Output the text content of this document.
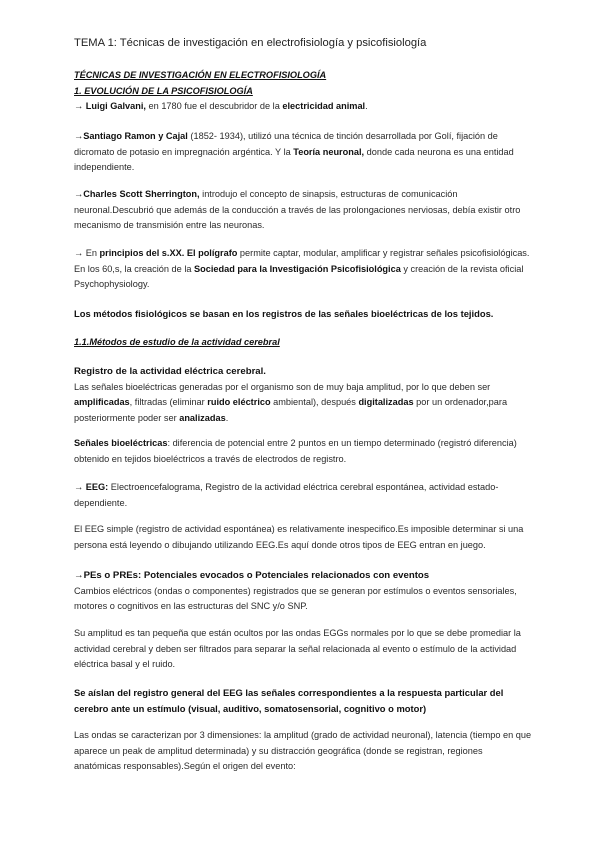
TEMA 1: Técnicas de investigación en electrofisiología y psicofisiología
TÉCNICAS DE INVESTIGACIÓN EN ELECTROFISIOLOGÍA
1. EVOLUCIÓN DE LA PSICOFISIOLOGÍA
→ Luigi Galvani, en 1780 fue el descubridor de la electricidad animal.
→Santiago Ramon y Cajal (1852- 1934), utilizó una técnica de tinción desarrollada por Golí, fijación de dicromato de potasio en impregnación argéntica. Y la Teoría neuronal, donde cada neurona es una entidad independiente.
→Charles Scott Sherrington, introdujo el concepto de sinapsis, estructuras de comunicación neuronal.Descubrió que además de la conducción a través de las prolongaciones nerviosas, debía existir otro mecanismo de transmisión entre las neuronas.
→ En principios del s.XX. El polígrafo permite captar, modular, amplificar y registrar señales psicofisiológicas. En los 60,s, la creación de la Sociedad para la Investigación Psicofisiológica y creación de la revista oficial Psychophysiology.
Los métodos fisiológicos se basan en los registros de las señales bioeléctricas de los tejidos.
1.1.Métodos de estudio de la actividad cerebral
Registro de la actividad eléctrica cerebral.
Las señales bioeléctricas generadas por el organismo son de muy baja amplitud, por lo que deben ser amplificadas, filtradas (eliminar ruido eléctrico ambiental), después digitalizadas por un ordenador,para posteriormente poder ser analizadas.
Señales bioeléctricas: diferencia de potencial entre 2 puntos en un tiempo determinado (registró diferencia) obtenido en tejidos bioeléctricos a través de electrodos de registro.
→ EEG: Electroencefalograma, Registro de la actividad eléctrica cerebral espontánea, actividad estado-dependiente.
El EEG simple (registro de actividad espontánea) es relativamente inespecifico.Es imposible determinar si una persona está leyendo o dibujando utilizando EEG.Es aquí donde otros tipos de EEG entran en juego.
→PEs o PREs: Potenciales evocados o Potenciales relacionados con eventos
Cambios eléctricos (ondas o componentes) registrados que se generan por estímulos o eventos sensoriales, motores o cognitivos en las estructuras del SNC y/o SNP.
Su amplitud es tan pequeña que están ocultos por las ondas EGGs normales por lo que se debe promediar la actividad cerebral y deben ser filtrados para separar la señal relacionada al evento o estímulo de la actividad eléctrica basal y el ruido.
Se aíslan del registro general del EEG las señales correspondientes a la respuesta particular del cerebro ante un estímulo (visual, auditivo, somatosensorial, cognitivo o motor)
Las ondas se caracterizan por 3 dimensiones: la amplitud (grado de actividad neuronal), latencia (tiempo en que aparece un peak de amplitud determinada) y su distracción geográfica (donde se registran, regiones anatómicas responsables).Según el origen del evento:
